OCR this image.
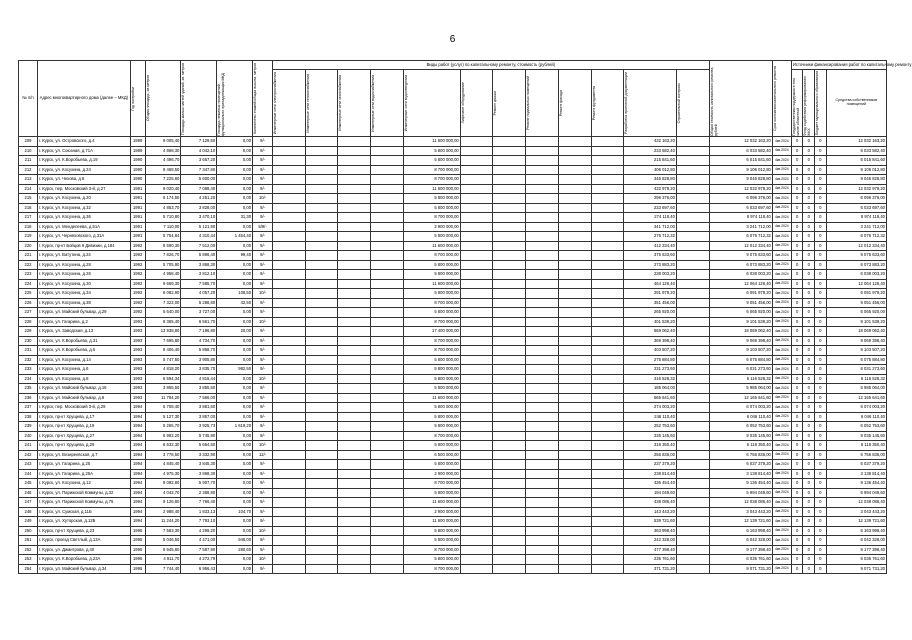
6
№ п/п	Адрес многоквартирного дома (далее – МКД)	Год постройки	Общая площадь, кв.метров	Площадь жилых частей зданий, кв. метров	Площадь нежилых помещений, функционально принадлежащих МКД	Количество этажей/общая высота, метров	Виды работ (услуг) по капитальному ремонту, стоимость (рублей)												Общая стоимость капитального ремонта, рублей	Срок окончания капитального ремонта	Источники финансирования работ по капитальному ремонту			

							Инженерные сети электроснабжения	Инженерные сети теплоснабжения	Инженерные сети газоснабжения	Инженерные сети водоснабжения	Инженерные сети водоотведения	Лифтовое оборудование	Ремонт крыши	Ремонт подвальных помещений	Ремонт фасада	Ремонт фундамента	Разработка проектной документации	Строительный контроль			Государственная поддержка в том числе областной	Фонд содействия реформированию ЖКХ	Бюджет муниципального образования	Средства собственников помещений
209	г. Курск, ул. Островского, д.4	1989	9 005,40	7 129,50	0,00	9/-					11 600 000,00						432 163,20		12 032 163,20	4кв.2024	0	0	0	12 032 163,20
210	г. Курск, ул. Союзная, д.71А	1989	4 868,30	4 042,10	0,00	9/-					5 800 000,00						233 582,40		6 033 582,40	4кв.2024	0	0	0	6 033 582,40
211	г. Курск, ул. К.Воробьева, д.19	1990	4 496,70	3 657,20	0,00	9/-					5 800 000,00						215 841,60		6 015 841,60	4кв.2024	0	0	0	6 015 841,60
212	г. Курск, ул. Косухина, д.24	1990	8 468,50	7 347,60	0,00	9/-					8 700 000,00						406 012,80		9 106 012,80	4кв.2024	0	0	0	9 106 012,80
213	г. Курск, ул. Чехова, д.8	1990	7 225,60	5 600,00	0,00	9/-					8 700 000,00						346 828,80		9 046 828,80	4кв.2024	0	0	0	9 046 828,80
214	г. Курск, пер. Московский 3-й, д.27	1991	9 020,40	7 088,40	0,00	9/-					11 600 000,00						432 979,20		12 032 979,20	4кв.2024	0	0	0	12 032 979,20
215	г. Курск, ул. Косухина, д.20	1991	6 174,50	4 251,20	0,00	10/-					5 800 000,00						296 376,00		6 096 376,00	4кв.2024	0	0	0	6 096 376,00
216	г. Курск, ул. Косухина, д.32	1991	4 853,70	3 828,00	0,00	9/-					5 800 000,00						233 697,60		6 033 697,60	4кв.2024	0	0	0	6 033 697,60
217	г. Курск, ул. Косухина, д.36	1991	5 710,80	3 470,10	31,30	9/-					8 700 000,00						274 118,40		8 974 118,40	4кв.2024	0	0	0	8 974 118,40
218	г. Курск, ул. Менделеева, д.51А	1991	7 110,00	5 121,90	0,00	5/9/-					2 900 000,00						341 712,00		3 241 712,00	4кв.2024	0	0	0	3 241 712,00
219	г. Курск, ул. Черняховского, д.31А	1991	5 754,84	4 310,44	1 454,40	9/-					5 800 000,00						276 712,32		6 076 712,32	4кв.2024	0	0	0	6 076 712,32
220	г. Курск, пр-кт Бойцов 9 Дивизии, д.184	1992	8 590,30	7 512,00	0,00	9/-					11 600 000,00						412 334,40		12 012 334,40	4кв.2024	0	0	0	12 012 334,40
221	г. Курск, ул. Ватутина, д.24	1992	7 826,70	5 896,40	99,40	9/-					8 700 000,00						375 633,60		9 075 633,60	4кв.2024	0	0	0	9 075 633,60
222	г. Курск, ул. Косухина, д.28	1992	5 705,90	3 868,30	0,00	9/-					5 800 000,00						273 883,20		6 073 883,20	4кв.2024	0	0	0	6 073 883,20
223	г. Курск, ул. Косухина, д.26	1992	4 958,40	3 812,10	0,00	9/-					5 800 000,00						238 003,20		6 038 003,20	4кв.2024	0	0	0	6 038 003,20
224	г. Курск, ул. Косухина, д.30	1992	9 669,30	7 585,70	0,00	9/-					11 600 000,00						464 126,40		12 064 126,40	4кв.2024	0	0	0	12 064 126,40
225	г. Курск, ул. Косухина, д.34	1992	6 082,90	4 057,20	106,50	10/-					5 800 000,00						291 979,20		6 091 979,20	4кв.2024	0	0	0	6 091 979,20
226	г. Курск, ул. Косухина, д.38	1992	7 322,00	5 288,80	42,50	9/-					8 700 000,00						351 456,00		9 051 456,00	4кв.2024	0	0	0	9 051 456,00
227	г. Курск, ул. Майский бульвар, д.29	1992	5 540,00	3 727,00	0,00	9/-					5 800 000,00						265 920,00		6 065 920,00	4кв.2024	0	0	0	6 065 920,00
228	г. Курск, ул. Гагарина, д.2	1993	8 365,40	6 561,70	0,00	10/-					8 700 000,00						401 539,20		9 101 539,20	4кв.2024	0	0	0	9 101 539,20
229	г. Курск, ул. Заводская, д.13	1993	13 938,80	7 196,80	20,00	9/-					17 400 000,00						669 062,40		18 069 062,40	4кв.2024	0	0	0	18 069 062,40
230	г. Курск, ул. К.Воробьева, д.31	1993	7 695,80	4 734,70	0,00	9/-					8 700 000,00						369 398,40		9 069 398,40	4кв.2024	0	0	0	9 069 398,40
231	г. Курск, ул. К.Воробьева, д.5	1993	8 406,40	5 858,70	0,00	9/-					8 700 000,00						403 507,20		9 103 507,20	4кв.2024	0	0	0	9 103 507,20
232	г. Курск, ул. Косухина, д.14	1993	5 747,60	3 905,80	0,00	9/-					5 800 000,00						275 884,80		6 075 884,80	4кв.2024	0	0	0	6 075 884,80
233	г. Курск, ул. Косухина, д.6	1993	4 818,20	3 835,70	982,50	9/-					5 800 000,00						231 273,60		6 031 273,60	4кв.2024	0	0	0	6 031 273,60
234	г. Курск, ул. Косухина, д.8	1993	6 594,34	4 815,44	0,00	10/-					5 800 000,00						316 528,32		6 116 528,32	4кв.2024	0	0	0	6 116 528,32
235	г. Курск, ул. Майский бульвар, д.16	1993	3 855,50	3 855,50	0,00	9/-					5 800 000,00						185 064,00		5 985 064,00	4кв.2024	0	0	0	5 985 064,00
236	г. Курск, ул. Майский бульвар, д.8	1993	11 784,20	7 566,00	0,00	9/-					11 600 000,00						565 641,60		12 165 641,60	4кв.2024	0	0	0	12 165 641,60
237	г. Курск, пер. Московский 3-й, д.29	1994	5 708,40	3 881,60	0,00	9/-					5 800 000,00						274 003,20		6 074 003,20	4кв.2024	0	0	0	6 074 003,20
238	г. Курск, пр-кт Хрущева, д.17	1994	5 127,30	3 857,00	0,00	9/-					5 800 000,00						246 110,40		6 046 110,40	4кв.2024	0	0	0	6 046 110,40
239	г. Курск, пр-кт Хрущева, д.19	1994	5 265,70	3 925,73	1 619,20	9/-					5 800 000,00						252 753,60		6 052 753,60	4кв.2024	0	0	0	6 052 753,60
240	г. Курск, пр-кт Хрущева, д.27	1994	6 982,20	5 745,90	0,00	9/-					8 700 000,00						335 145,60		9 035 145,60	4кв.2024	0	0	0	9 035 145,60
241	г. Курск, пр-кт Хрущева, д.29	1994	6 632,30	5 664,50	0,00	10/-					5 800 000,00						318 350,40		6 118 350,40	4кв.2024	0	0	0	6 118 350,40
242	г. Курск, ул. Везиреевская, д.7	1994	3 778,50	3 332,90	0,00	12/-					6 500 000,00						256 836,00		6 756 836,00	4кв.2024	0	0	0	6 756 836,00
243	г. Курск, ул. Гагарина, д.25	1994	4 845,40	3 845,30	0,00	9/-					5 800 000,00						237 379,20		6 037 379,20	4кв.2024	0	0	0	6 037 379,20
244	г. Курск, ул. Гагарина, д.25А	1994	4 975,30	3 868,30	0,00	9/-					2 900 000,00						238 814,40		3 138 814,40	4кв.2024	0	0	0	3 138 814,40
245	г. Курск, ул. Косухина, д.12	1994	9 092,80	5 907,70	0,00	9/-					8 700 000,00						436 454,40		9 136 454,40	4кв.2024	0	0	0	9 136 454,40
246	г. Курск, ул. Парижской Коммуны, д.32	1994	4 042,70	2 368,90	0,00	9/-					5 800 000,00						194 049,60		5 994 049,60	4кв.2024	0	0	0	5 994 049,60
247	г. Курск, ул. Парижской Коммуны, д.75	1994	9 126,80	7 766,40	0,00	9/-					11 600 000,00						438 086,40		12 038 086,40	4кв.2024	0	0	0	12 038 086,40
248	г. Курск, ул. Сумская, д.11Б	1994	2 988,40	1 833,13	104,70	9/-					2 900 000,00						143 443,20		3 043 443,20	4кв.2024	0	0	0	3 043 443,20
249	г. Курск, ул. Хуторская, д.12Б	1994	11 244,20	7 793,10	0,00	9/-					11 600 000,00						539 721,60		12 139 721,60	4кв.2024	0	0	0	12 139 721,60
250	г. Курск, пр-кт Хрущева, д.23	1995	7 583,30	4 299,20	0,00	10/-					5 800 000,00						363 998,40		6 163 998,40	4кв.2024	0	0	0	6 163 998,40
251	г. Курск, проезд Светлый, д.13А	1995	5 046,50	4 471,00	946,00	9/-					5 800 000,00						242 328,00		6 042 328,00	4кв.2024	0	0	0	6 042 328,00
252	г. Курск, ул. Димитрова, д.40	1995	9 945,80	7 597,90	280,60	9/-					8 700 000,00						477 398,40		9 177 398,40	4кв.2024	0	0	0	9 177 398,40
253	г. Курск, ул. К.Воробьева, д.23А	1995	4 911,70	4 272,79	0,00	10/-					5 800 000,00						235 761,60		6 035 761,60	4кв.2024	0	0	0	6 035 761,60
254	г. Курск, ул. Майский бульвар, д.34	1995	7 744,40	6 956,43	0,00	9/-					8 700 000,00						371 731,20		9 071 731,20	4кв.2024	0	0	0	9 071 731,20
